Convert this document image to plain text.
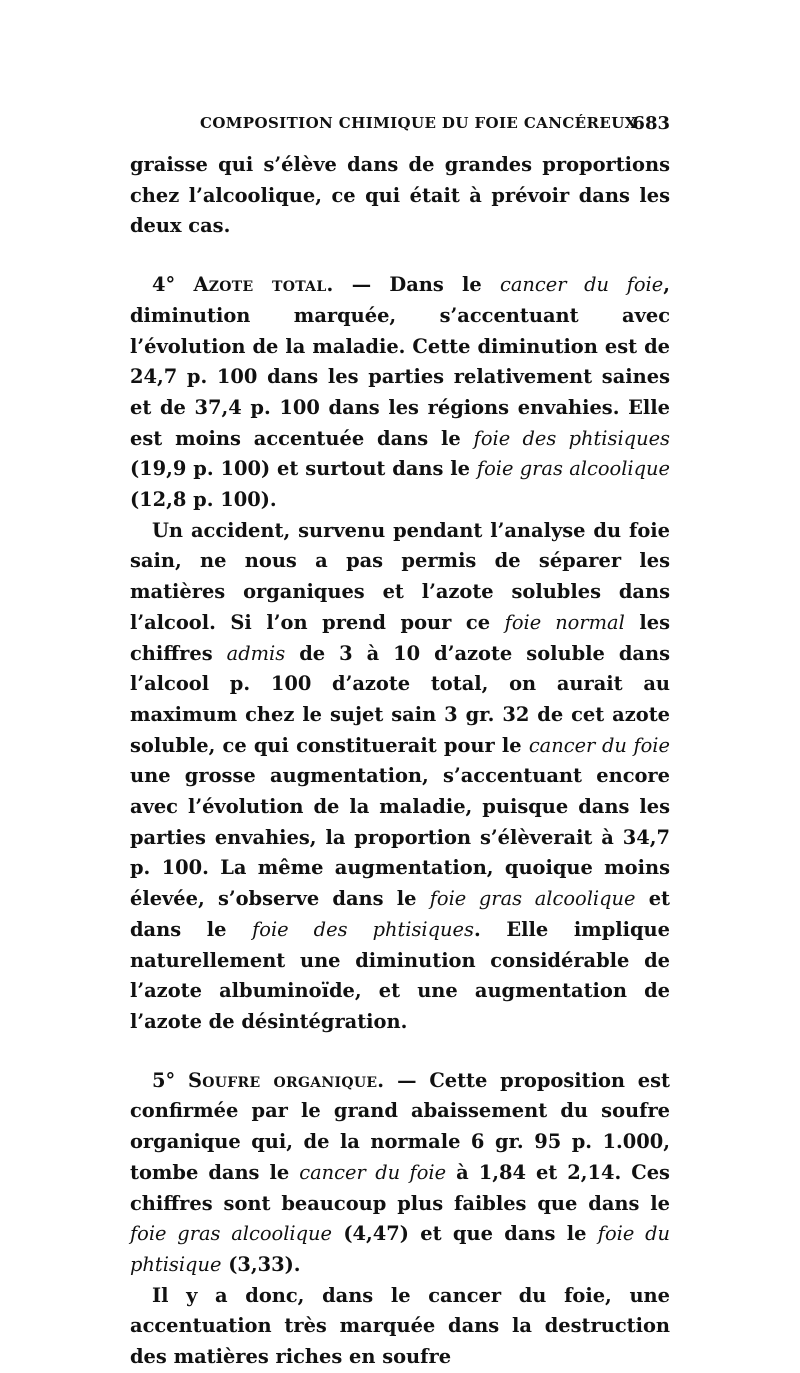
COMPOSITION CHIMIQUE DU FOIE CANCÉREUX
683

graisse qui s’élève dans de grandes proportions chez l’alcoolique, ce qui était à prévoir dans les deux cas.

4° Azote total. — Dans le cancer du foie, diminution marquée, s’accentuant avec l’évolution de la maladie. Cette diminution est de 24,7 p. 100 dans les parties relativement saines et de 37,4 p. 100 dans les régions envahies. Elle est moins accentuée dans le foie des phtisiques (19,9 p. 100) et surtout dans le foie gras alcoolique (12,8 p. 100).

Un accident, survenu pendant l’analyse du foie sain, ne nous a pas permis de séparer les matières organiques et l’azote solubles dans l’alcool. Si l’on prend pour ce foie normal les chiffres admis de 3 à 10 d’azote soluble dans l’alcool p. 100 d’azote total, on aurait au maximum chez le sujet sain 3 gr. 32 de cet azote soluble, ce qui constituerait pour le cancer du foie une grosse augmentation, s’accentuant encore avec l’évolution de la maladie, puisque dans les parties envahies, la proportion s’élèverait à 34,7 p. 100. La même augmentation, quoique moins élevée, s’observe dans le foie gras alcoolique et dans le foie des phtisiques. Elle implique naturellement une diminution considérable de l’azote albuminoïde, et une augmentation de l’azote de désintégration.

5° Soufre organique. — Cette proposition est confirmée par le grand abaissement du soufre organique qui, de la normale 6 gr. 95 p. 1.000, tombe dans le cancer du foie à 1,84 et 2,14. Ces chiffres sont beaucoup plus faibles que dans le foie gras alcoolique (4,47) et que dans le foie du phtisique (3,33).

Il y a donc, dans le cancer du foie, une accentuation très marquée dans la destruction des matières riches en soufre
